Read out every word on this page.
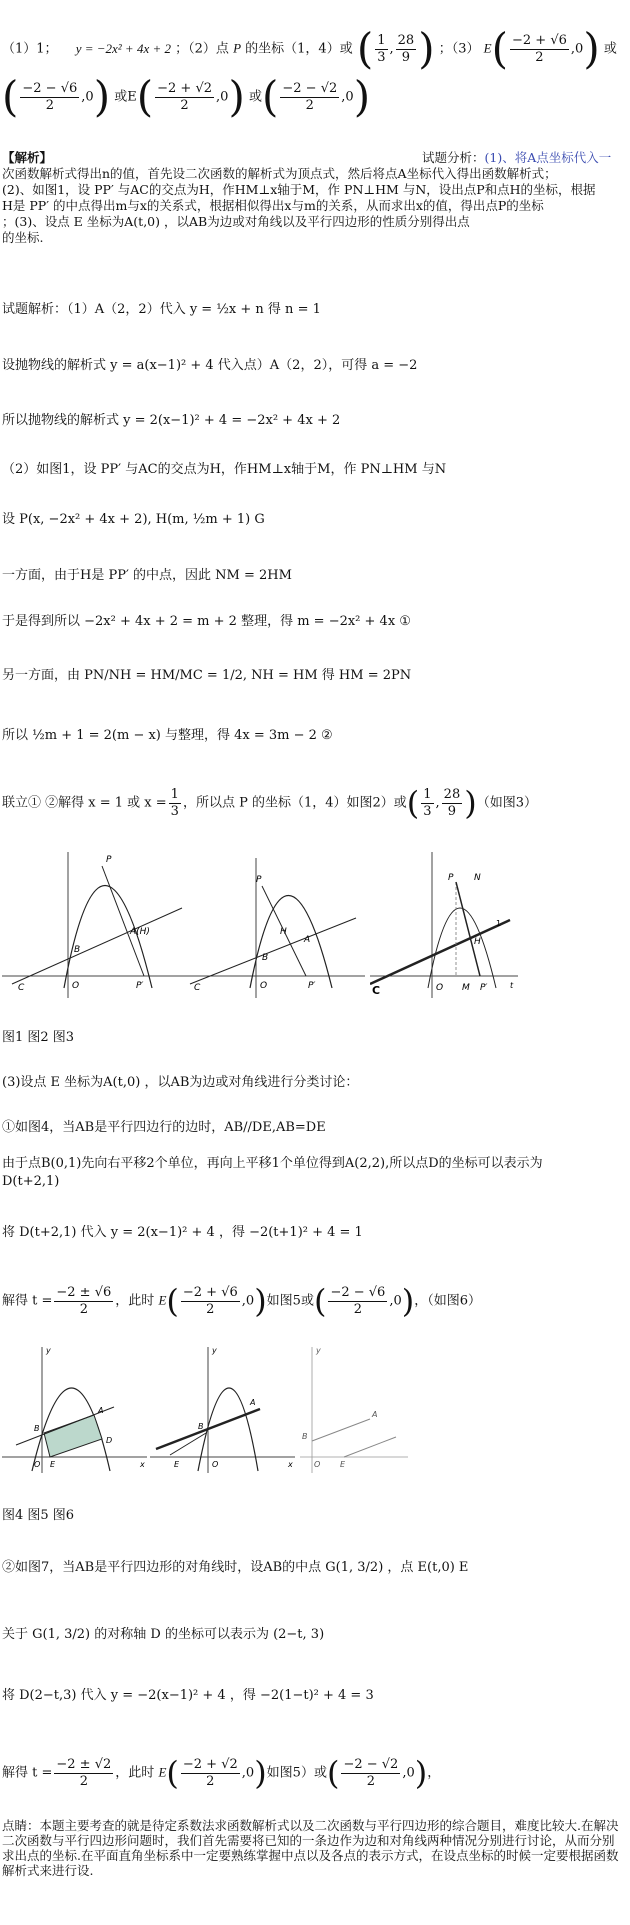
（1）1； y = −2x² + 4x + 2 ；（2）点 P 的坐标（1，4）或 ( $\frac{1}{3}$ , $\frac{28}{9}$ ) ；（3） $E( \frac{-2 + √6}{2} ,0)$ 或
( $\frac{-2 - √6}{2} ,0$) 或$E( \frac{-2 + √2}{2} ,0)$ 或( $\frac{-2 - √2}{2} ,0$)
【解析】	试题分析：(1)、将A点坐标代入一
次函数解析式得出n的值，首先设二次函数的解析式为顶点式，然后将点A坐标代入得出函数解析式；
(2)、如图1，设 PP′ 与AC的交点为H，作HM⊥x轴于M，作 PN⊥HM 与N，设出点P和点H的坐标，根据
H是 PP′ 的中点得出m与x的关系式，根据相似得出x与m的关系，从而求出x的值，得出点P的坐标
；(3)、设点 E 坐标为A(t,0) ，以AB为边或对角线以及平行四边形的性质分别得出点
的坐标.
试题解析：（1）A（2，2）代入 y = ½x + n 得 n = 1
设抛物线的解析式 y = a(x−1)² + 4 代入点）A（2，2），可得 a = −2
所以抛物线的解析式 y = 2(x−1)² + 4 = −2x² + 4x + 2
（2）如图1，设 PP′ 与AC的交点为H，作HM⊥x轴于M，作 PN⊥HM 与N
设 P(x, −2x² + 4x + 2), H(m, ½m + 1) G
一方面，由于H是 PP′ 的中点，因此 NM = 2HM
于是得到所以 −2x² + 4x + 2 = m + 2 整理，得 m = −2x² + 4x ①
另一方面，由 PN/NH = HM/MC = 1/2, NH = HM 得 HM = 2PN
所以 ½m + 1 = 2(m − x) 与整理，得 4x = 3m − 2 ②
联立① ②解得 x = 1 或 $x = \frac{1}{3}$ ，所以点 P 的坐标（1，4）如图2）或( $\frac{1}{3}$ , $\frac{28}{9}$ )（如图3）
P
A(H)
B
C	O	P′
P
H
A
B
C	O	P′
P N
H
1
C	O M P′	t
图1 图2 图3
(3)设点 E 坐标为A(t,0) ，以AB为边或对角线进行分类讨论：
①如图4，当AB是平行四边行的边时，AB//DE,AB=DE
由于点B(0,1)先向右平移2个单位，再向上平移1个单位得到A(2,2),所以点D的坐标可以表示为
D(t+2,1)
将 D(t+2,1) 代入 y = 2(x−1)² + 4 ，得 −2(t+1)² + 4 = 1
解得 $t = \frac{-2 \pm √6}{2}$ ，此时 $E( \frac{-2 + √6}{2} ,0)$如图5或( $\frac{-2 - √6}{2} ,0$)，（如图6）
y
A
D
B
O E	x
y
A
B
O
E	x
y
B
A
O E
图4 图5 图6
②如图7，当AB是平行四边形的对角线时，设AB的中点 G(1, 3/2) ，点 E(t,0) E
关于 G(1, 3/2) 的对称轴 D 的坐标可以表示为 (2−t, 3)
将 D(2−t,3) 代入 y = −2(x−1)² + 4 ，得 −2(1−t)² + 4 = 3
解得 $t = \frac{-2 \pm √2}{2}$ ，此时 $E( \frac{-2 + √2}{2} ,0)$如图5）或( $\frac{-2 - √2}{2} ,0$)，
点睛：本题主要考查的就是待定系数法求函数解析式以及二次函数与平行四边形的综合题目，难度比较大.在解决二次函数与平行四边形问题时，我们首先需要将已知的一条边作为边和对角线两种情况分别进行讨论，从而分别求出点的坐标.在平面直角坐标系中一定要熟练掌握中点以及各点的表示方式，在设点坐标的时候一定要根据函数解析式来进行设.
